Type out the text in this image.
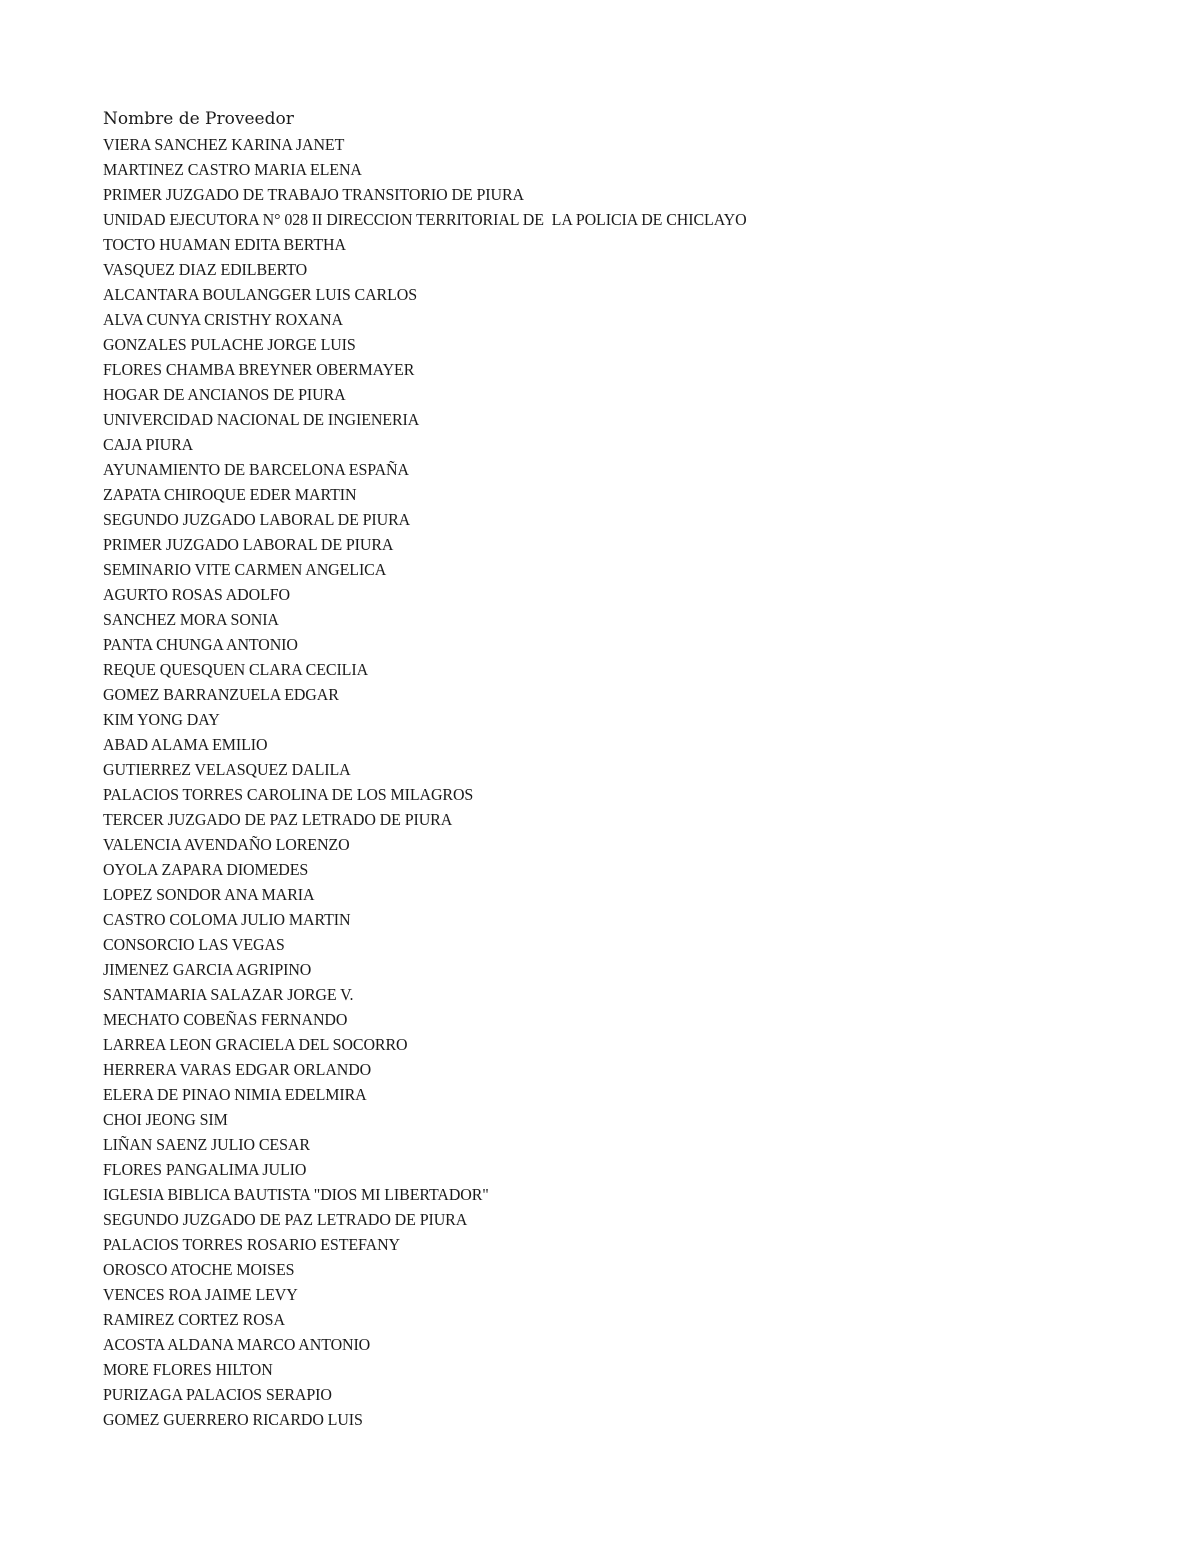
Nombre de Proveedor
VIERA SANCHEZ KARINA JANET
MARTINEZ CASTRO MARIA ELENA
PRIMER JUZGADO DE TRABAJO TRANSITORIO DE PIURA
UNIDAD EJECUTORA N° 028 II DIRECCION TERRITORIAL DE  LA POLICIA DE CHICLAYO
TOCTO HUAMAN EDITA BERTHA
VASQUEZ DIAZ EDILBERTO
ALCANTARA BOULANGGER LUIS CARLOS
ALVA CUNYA CRISTHY ROXANA
GONZALES PULACHE JORGE LUIS
FLORES CHAMBA BREYNER OBERMAYER
HOGAR DE ANCIANOS DE PIURA
UNIVERCIDAD NACIONAL DE INGIENERIA
CAJA PIURA
AYUNAMIENTO DE BARCELONA ESPAÑA
ZAPATA CHIROQUE EDER MARTIN
SEGUNDO JUZGADO LABORAL DE PIURA
PRIMER JUZGADO LABORAL DE PIURA
SEMINARIO VITE CARMEN ANGELICA
AGURTO ROSAS ADOLFO
SANCHEZ MORA SONIA
PANTA CHUNGA ANTONIO
REQUE QUESQUEN CLARA CECILIA
GOMEZ BARRANZUELA EDGAR
KIM YONG DAY
ABAD ALAMA EMILIO
GUTIERREZ VELASQUEZ DALILA
PALACIOS TORRES CAROLINA DE LOS MILAGROS
TERCER JUZGADO DE PAZ LETRADO DE PIURA
VALENCIA AVENDAÑO LORENZO
OYOLA ZAPARA DIOMEDES
LOPEZ SONDOR ANA MARIA
CASTRO COLOMA JULIO MARTIN
CONSORCIO LAS VEGAS
JIMENEZ GARCIA AGRIPINO
SANTAMARIA SALAZAR JORGE V.
MECHATO COBEÑAS FERNANDO
LARREA LEON GRACIELA DEL SOCORRO
HERRERA VARAS EDGAR ORLANDO
ELERA DE PINAO NIMIA EDELMIRA
CHOI JEONG SIM
LIÑAN SAENZ JULIO CESAR
FLORES PANGALIMA JULIO
IGLESIA BIBLICA BAUTISTA "DIOS MI LIBERTADOR"
SEGUNDO JUZGADO DE PAZ LETRADO DE PIURA
PALACIOS TORRES ROSARIO ESTEFANY
OROSCO ATOCHE MOISES
VENCES ROA JAIME LEVY
RAMIREZ CORTEZ ROSA
ACOSTA ALDANA MARCO ANTONIO
MORE FLORES HILTON
PURIZAGA PALACIOS SERAPIO
GOMEZ GUERRERO RICARDO LUIS
